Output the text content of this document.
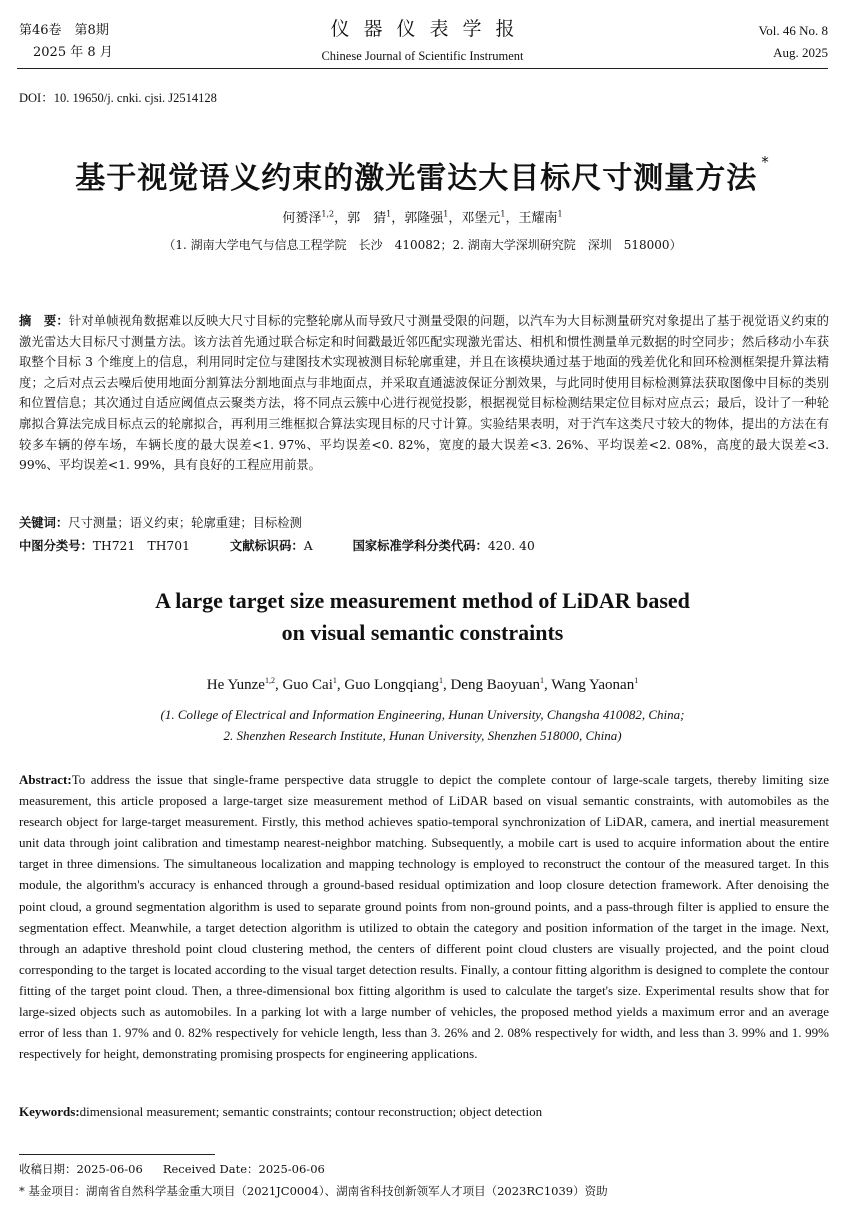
第46卷　第8期
2025 年 8 月
仪器仪表学报
Chinese Journal of Scientific Instrument
Vol. 46 No. 8
Aug. 2025
DOI：10. 19650/j. cnki. cjsi. J2514128
基于视觉语义约束的激光雷达大目标尺寸测量方法 *
何赟泽$^{1,2}$，郭　猜$^1$，郭隆强$^1$，邓堡元$^1$，王耀南$^1$
（1. 湖南大学电气与信息工程学院　长沙　410082；2. 湖南大学深圳研究院　深圳　518000）
摘　要：针对单帧视角数据难以反映大尺寸目标的完整轮廓从而导致尺寸测量受限的问题，以汽车为大目标测量研究对象提出了基于视觉语义约束的激光雷达大目标尺寸测量方法。该方法首先通过联合标定和时间戳最近邻匹配实现激光雷达、相机和惯性测量单元数据的时空同步；然后移动小车获取整个目标 3 个维度上的信息，利用同时定位与建图技术实现被测目标轮廓重建，并且在该模块通过基于地面的残差优化和回环检测框架提升算法精度；之后对点云去噪后使用地面分割算法分割地面点与非地面点，并采取直通滤波保证分割效果，与此同时使用目标检测算法获取图像中目标的类别和位置信息；其次通过自适应阈值点云聚类方法，将不同点云簇中心进行视觉投影，根据视觉目标检测结果定位目标对应点云；最后，设计了一种轮廓拟合算法完成目标点云的轮廓拟合，再利用三维框拟合算法实现目标的尺寸计算。实验结果表明，对于汽车这类尺寸较大的物体，提出的方法在有较多车辆的停车场，车辆长度的最大误差<1. 97%、平均误差<0. 82%，宽度的最大误差<3. 26%、平均误差<2. 08%，高度的最大误差<3. 99%、平均误差<1. 99%，具有良好的工程应用前景。
关键词：尺寸测量；语义约束；轮廓重建；目标检测
中图分类号：TH721　TH701	文献标识码：A	国家标准学科分类代码：420. 40
A large target size measurement method of LiDAR based
on visual semantic constraints
He Yunze$^{1,2}$, Guo Cai$^1$, Guo Longqiang$^1$, Deng Baoyuan$^1$, Wang Yaonan$^1$
(1. College of Electrical and Information Engineering, Hunan University, Changsha 410082, China;
2. Shenzhen Research Institute, Hunan University, Shenzhen 518000, China)
Abstract:To address the issue that single-frame perspective data struggle to depict the complete contour of large-scale targets, thereby limiting size measurement, this article proposed a large-target size measurement method of LiDAR based on visual semantic constraints, with automobiles as the research object for large-target measurement. Firstly, this method achieves spatio-temporal synchronization of LiDAR, camera, and inertial measurement unit data through joint calibration and timestamp nearest-neighbor matching. Subsequently, a mobile cart is used to acquire information about the entire target in three dimensions. The simultaneous localization and mapping technology is employed to reconstruct the contour of the measured target. In this module, the algorithm's accuracy is enhanced through a ground-based residual optimization and loop closure detection framework. After denoising the point cloud, a ground segmentation algorithm is used to separate ground points from non-ground points, and a pass-through filter is applied to ensure the segmentation effect. Meanwhile, a target detection algorithm is utilized to obtain the category and position information of the target in the image. Next, through an adaptive threshold point cloud clustering method, the centers of different point cloud clusters are visually projected, and the point cloud corresponding to the target is located according to the visual target detection results. Finally, a contour fitting algorithm is designed to complete the contour fitting of the target point cloud. Then, a three-dimensional box fitting algorithm is used to calculate the target's size. Experimental results show that for large-sized objects such as automobiles. In a parking lot with a large number of vehicles, the proposed method yields a maximum error and an average error of less than 1. 97% and 0. 82% respectively for vehicle length, less than 3. 26% and 2. 08% respectively for width, and less than 3. 99% and 1. 99% respectively for height, demonstrating promising prospects for engineering applications.
Keywords:dimensional measurement; semantic constraints; contour reconstruction; object detection
收稿日期：2025-06-06 Received Date：2025-06-06
* 基金项目：湖南省自然科学基金重大项目（2021JC0004）、湖南省科技创新领军人才项目（2023RC1039）资助
